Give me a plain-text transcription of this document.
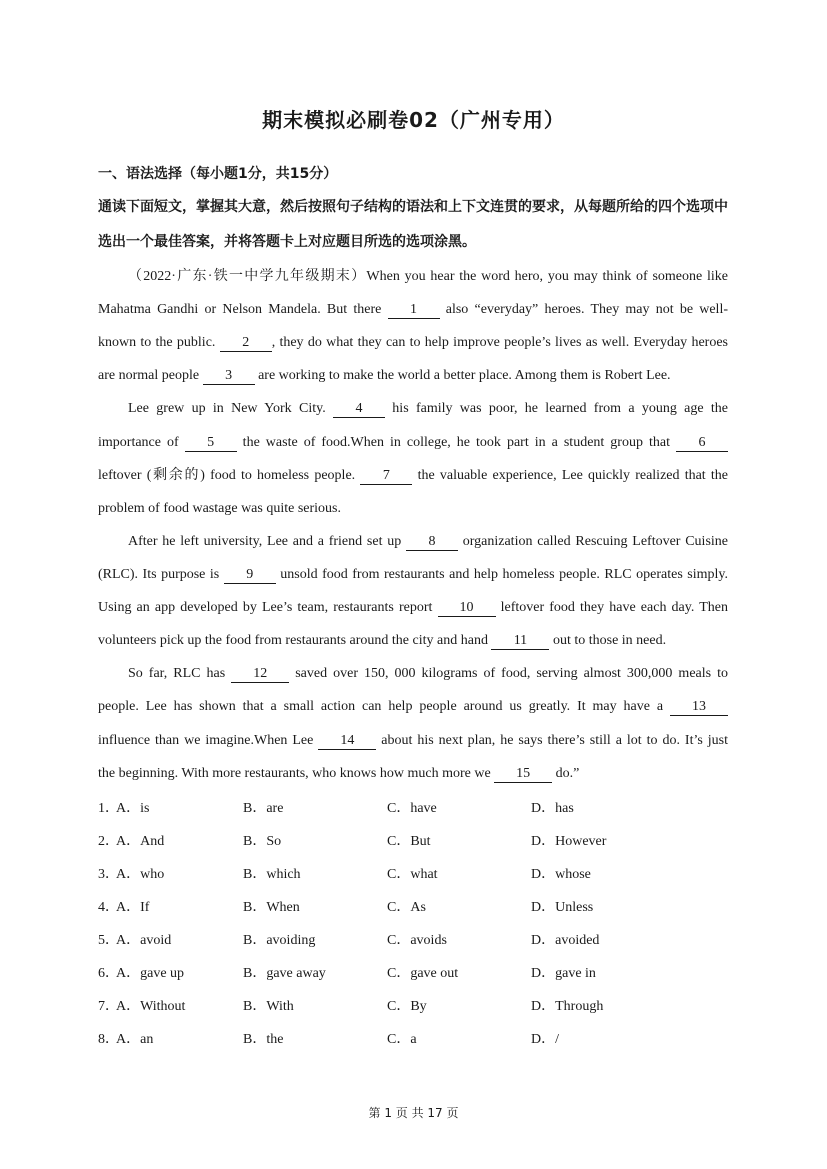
期末模拟必刷卷02（广州专用）
一、语法选择（每小题1分，共15分）
通读下面短文，掌握其大意，然后按照句子结构的语法和上下文连贯的要求，从每题所给的四个选项中
选出一个最佳答案，并将答题卡上对应题目所选的选项涂黑。
（2022·广东·铁一中学九年级期末）When you hear the word hero, you may think of someone like
Mahatma Gandhi or Nelson Mandela. But there 1 also “everyday” heroes. They may not be well-
known to the public. 2 , they do what they can to help improve people’s lives as well. Everyday heroes
are normal people 3 are working to make the world a better place. Among them is Robert Lee.
Lee grew up in New York City. 4 his family was poor, he learned from a young age the
importance of 5 the waste of food.When in college, he took part in a student group that 6
leftover (剩余的) food to homeless people. 7 the valuable experience, Lee quickly realized that the
problem of food wastage was quite serious.
After he left university, Lee and a friend set up 8 organization called Rescuing Leftover Cuisine
(RLC). Its purpose is 9 unsold food from restaurants and help homeless people. RLC operates simply.
Using an app developed by Lee’s team, restaurants report 10 leftover food they have each day. Then
volunteers pick up the food from restaurants around the city and hand 11 out to those in need.
So far, RLC has 12 saved over 150, 000 kilograms of food, serving almost 300,000 meals to
people. Lee has shown that a small action can help people around us greatly. It may have a 13
influence than we imagine.When Lee 14 about his next plan, he says there’s still a lot to do. It’s just
the beginning. With more restaurants, who knows how much more we 15 do.”
1．
A．is	B．are	C．have	D．has
2．
A．And	B．So	C．But	D．However
3．
A．who	B．which	C．what	D．whose
4．
A．If	B．When	C．As	D．Unless
5．
A．avoid	B．avoiding	C．avoids	D．avoided
6．
A．gave up	B．gave away	C．gave out	D．gave in
7．
A．Without	B．With	C．By	D．Through
8．
A．an	B．the	C．a	D．/
第 1 页 共 17 页
